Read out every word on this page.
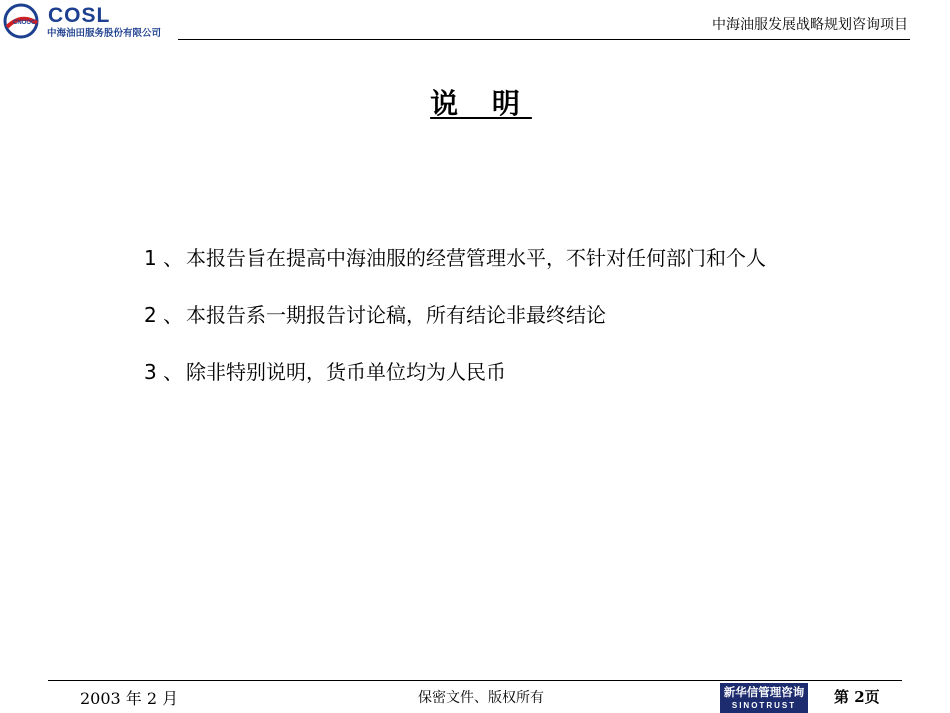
CNOOC COSL
中海油田服务股份有限公司
中海油服发展战略规划咨询项目
说 明
1 、 本报告旨在提高中海油服的经营管理水平，不针对任何部门和个人
2 、 本报告系一期报告讨论稿，所有结论非最终结论
3 、 除非特别说明，货币单位均为人民币
2003 年 2 月	保密文件、版权所有	新华信管理咨询
SINOTRUST	第 2页
